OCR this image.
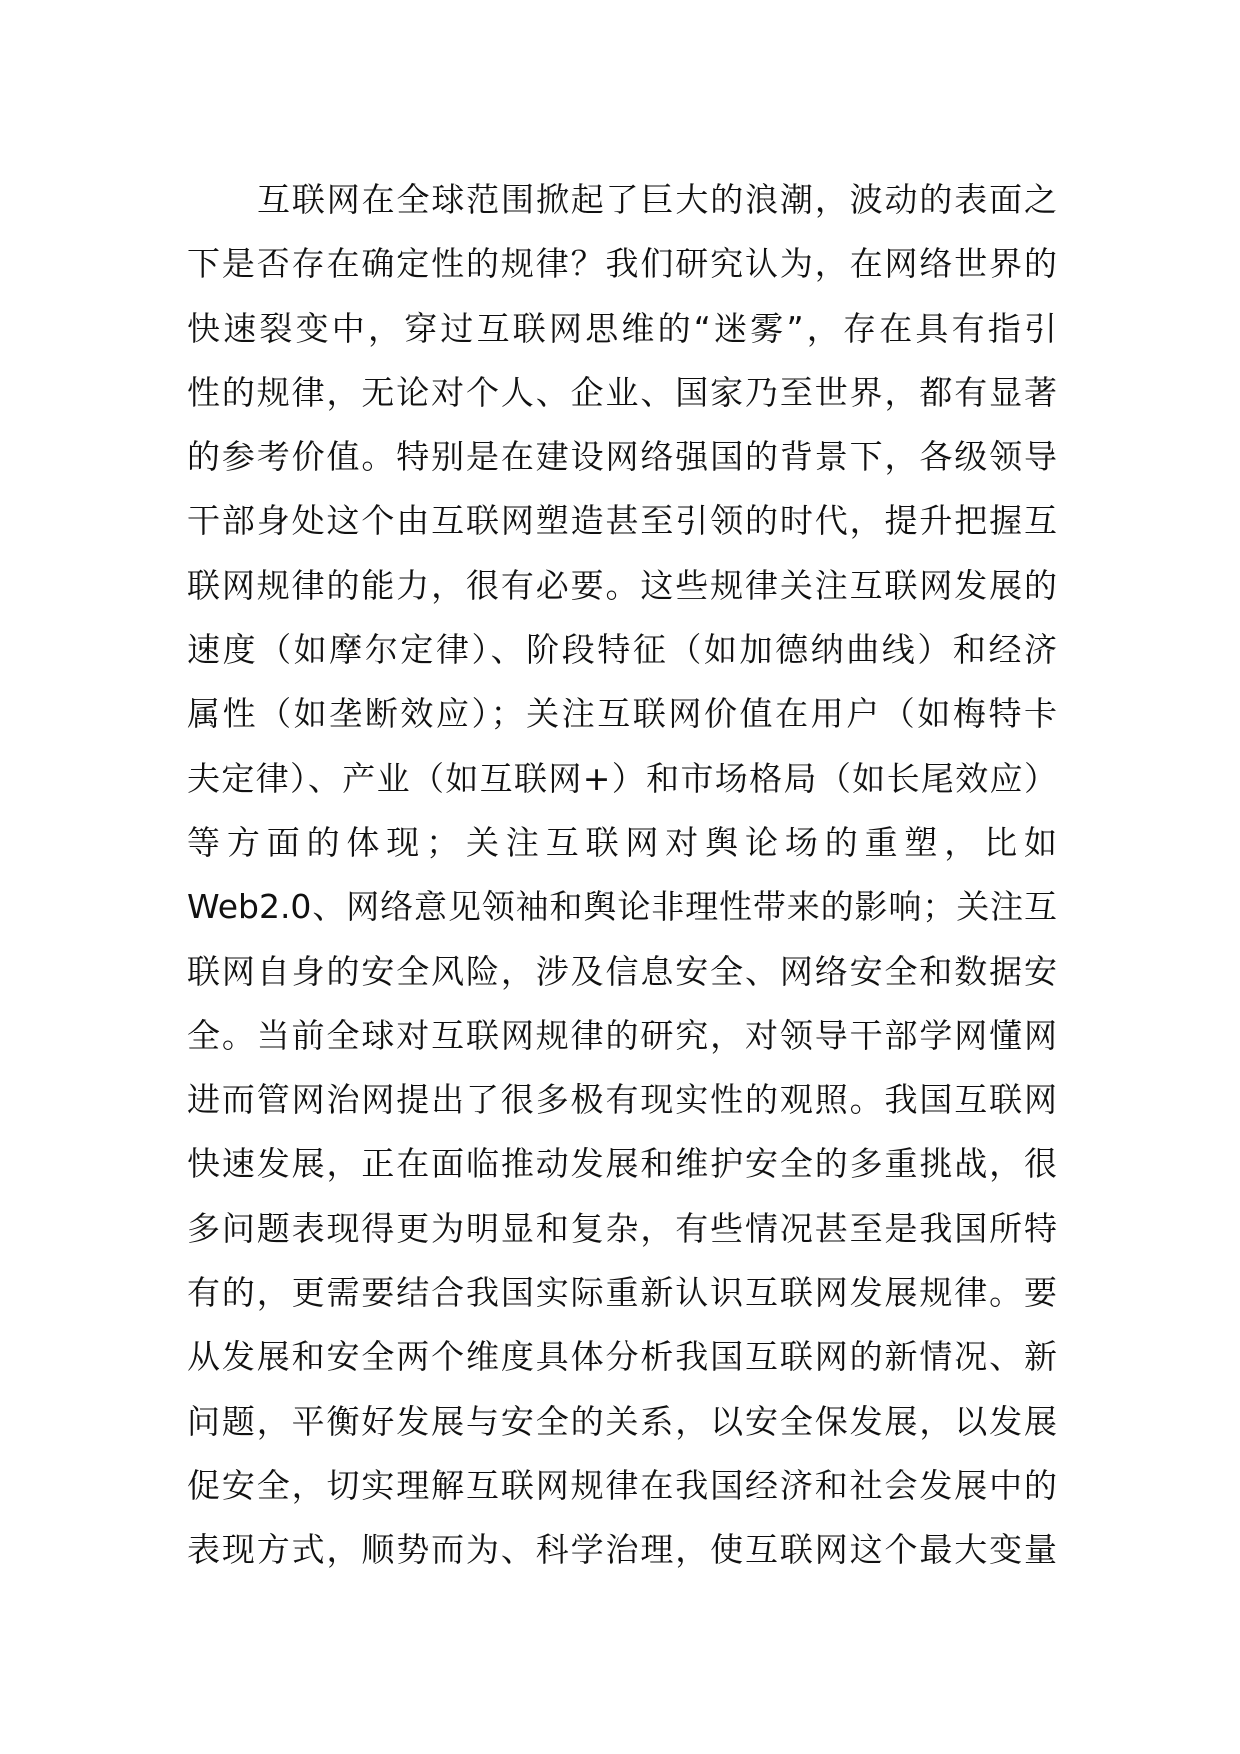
互联网在全球范围掀起了巨大的浪潮，波动的表面之
下是否存在确定性的规律？我们研究认为，在网络世界的
快速裂变中，穿过互联网思维的“迷雾”，存在具有指引
性的规律，无论对个人、企业、国家乃至世界，都有显著
的参考价值。特别是在建设网络强国的背景下，各级领导
干部身处这个由互联网塑造甚至引领的时代，提升把握互
联网规律的能力，很有必要。这些规律关注互联网发展的
速度（如摩尔定律）、阶段特征（如加德纳曲线）和经济
属性（如垄断效应）；关注互联网价值在用户（如梅特卡
夫定律）、产业（如互联网+）和市场格局（如长尾效应）
等方面的体现；关注互联网对舆论场的重塑，比如
Web2.0、网络意见领袖和舆论非理性带来的影响；关注互
联网自身的安全风险，涉及信息安全、网络安全和数据安
全。当前全球对互联网规律的研究，对领导干部学网懂网
进而管网治网提出了很多极有现实性的观照。我国互联网
快速发展，正在面临推动发展和维护安全的多重挑战，很
多问题表现得更为明显和复杂，有些情况甚至是我国所特
有的，更需要结合我国实际重新认识互联网发展规律。要
从发展和安全两个维度具体分析我国互联网的新情况、新
问题，平衡好发展与安全的关系，以安全保发展，以发展
促安全，切实理解互联网规律在我国经济和社会发展中的
表现方式，顺势而为、科学治理，使互联网这个最大变量
